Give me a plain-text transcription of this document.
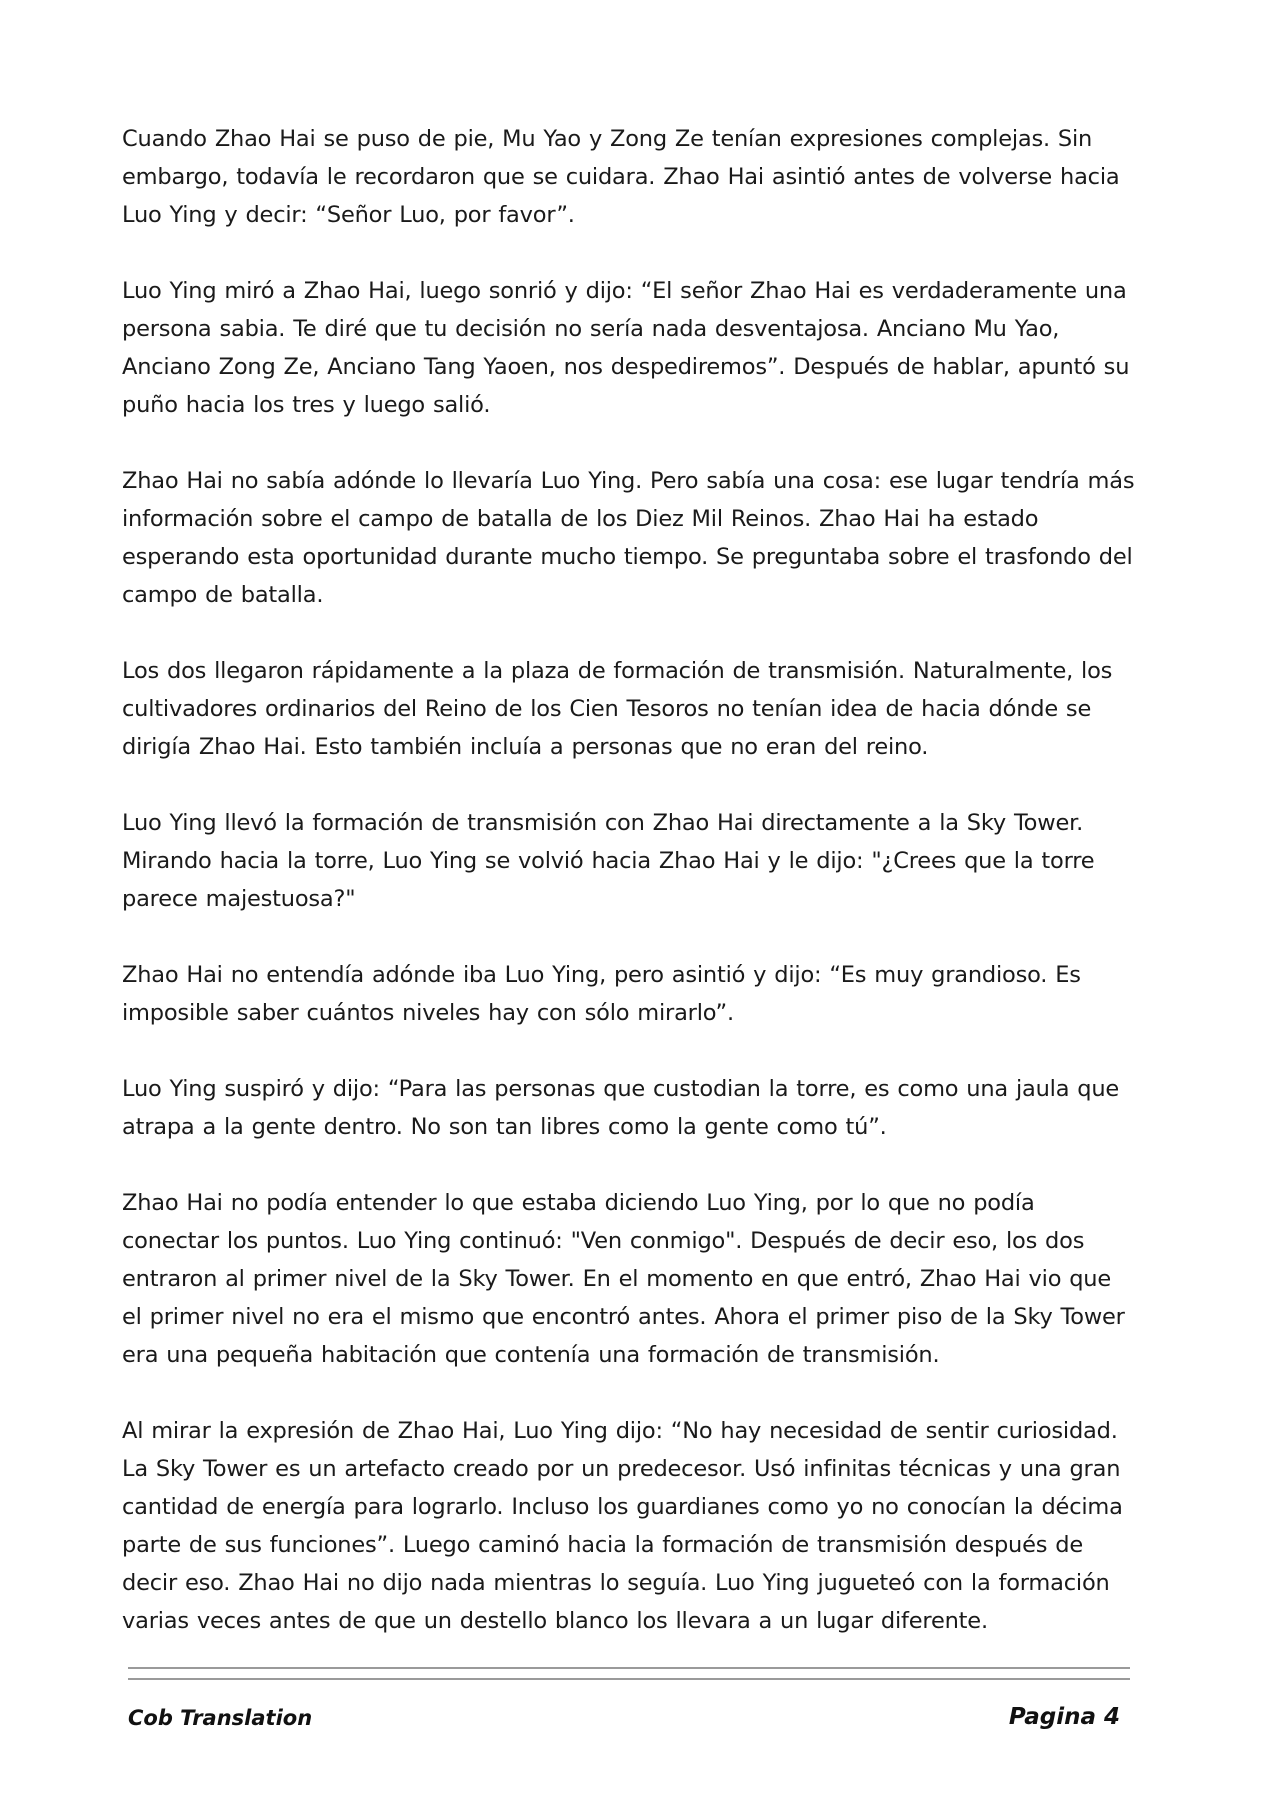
Cuando Zhao Hai se puso de pie, Mu Yao y Zong Ze tenían expresiones complejas. Sin embargo, todavía le recordaron que se cuidara. Zhao Hai asintió antes de volverse hacia Luo Ying y decir: “Señor Luo, por favor”.

Luo Ying miró a Zhao Hai, luego sonrió y dijo: “El señor Zhao Hai es verdaderamente una persona sabia. Te diré que tu decisión no sería nada desventajosa. Anciano Mu Yao, Anciano Zong Ze, Anciano Tang Yaoen, nos despediremos”. Después de hablar, apuntó su puño hacia los tres y luego salió.

Zhao Hai no sabía adónde lo llevaría Luo Ying. Pero sabía una cosa: ese lugar tendría más información sobre el campo de batalla de los Diez Mil Reinos. Zhao Hai ha estado esperando esta oportunidad durante mucho tiempo. Se preguntaba sobre el trasfondo del campo de batalla.

Los dos llegaron rápidamente a la plaza de formación de transmisión. Naturalmente, los cultivadores ordinarios del Reino de los Cien Tesoros no tenían idea de hacia dónde se dirigía Zhao Hai. Esto también incluía a personas que no eran del reino.

Luo Ying llevó la formación de transmisión con Zhao Hai directamente a la Sky Tower. Mirando hacia la torre, Luo Ying se volvió hacia Zhao Hai y le dijo: "¿Crees que la torre parece majestuosa?"

Zhao Hai no entendía adónde iba Luo Ying, pero asintió y dijo: “Es muy grandioso. Es imposible saber cuántos niveles hay con sólo mirarlo”.

Luo Ying suspiró y dijo: “Para las personas que custodian la torre, es como una jaula que atrapa a la gente dentro. No son tan libres como la gente como tú”.

Zhao Hai no podía entender lo que estaba diciendo Luo Ying, por lo que no podía conectar los puntos. Luo Ying continuó: "Ven conmigo". Después de decir eso, los dos entraron al primer nivel de la Sky Tower. En el momento en que entró, Zhao Hai vio que el primer nivel no era el mismo que encontró antes. Ahora el primer piso de la Sky Tower era una pequeña habitación que contenía una formación de transmisión.

Al mirar la expresión de Zhao Hai, Luo Ying dijo: “No hay necesidad de sentir curiosidad. La Sky Tower es un artefacto creado por un predecesor. Usó infinitas técnicas y una gran cantidad de energía para lograrlo. Incluso los guardianes como yo no conocían la décima parte de sus funciones”. Luego caminó hacia la formación de transmisión después de decir eso. Zhao Hai no dijo nada mientras lo seguía. Luo Ying jugueteó con la formación varias veces antes de que un destello blanco los llevara a un lugar diferente.

Cob Translation	Pagina 4
